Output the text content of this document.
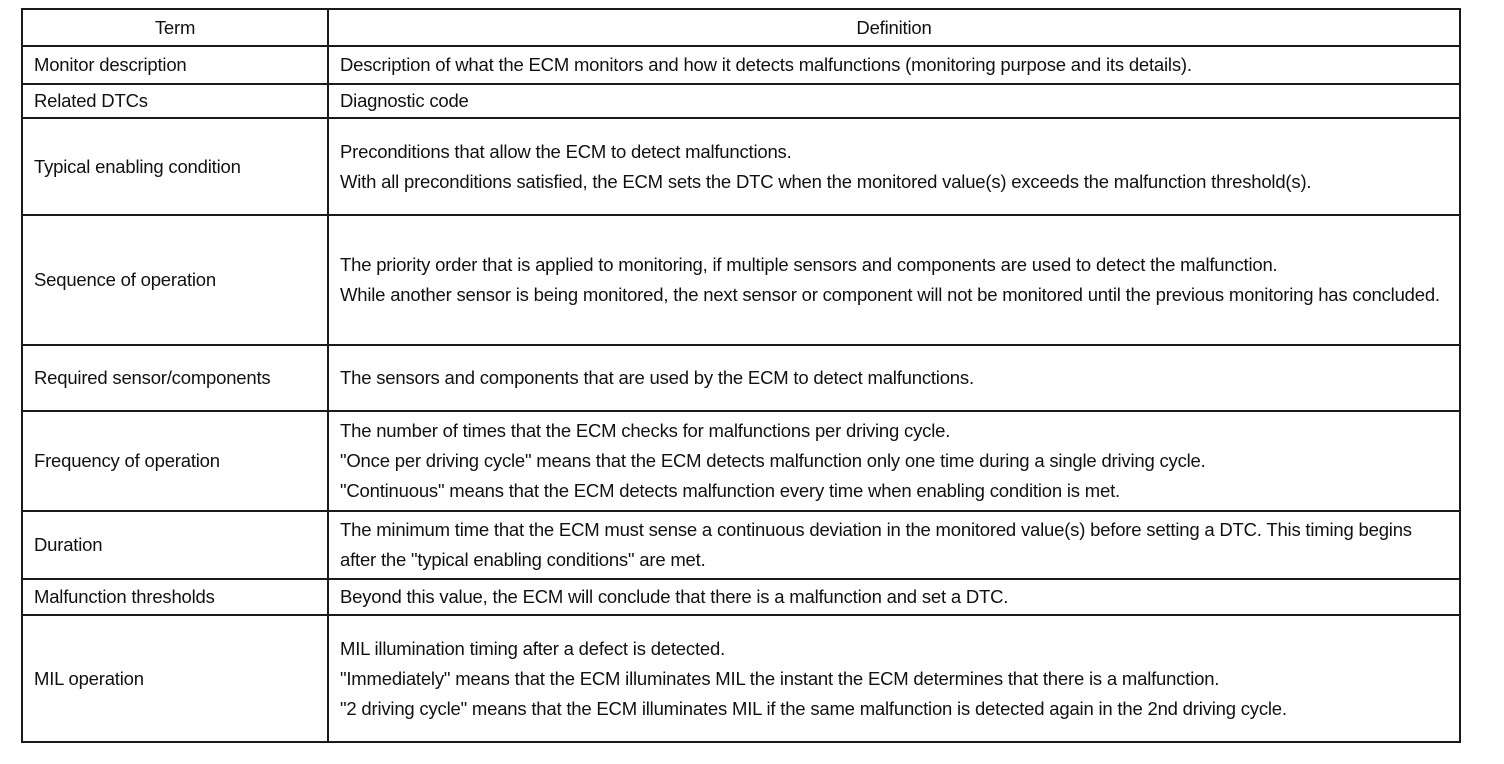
Term	Definition
Monitor description	Description of what the ECM monitors and how it detects malfunctions (monitoring purpose and its details).

Related DTCs	Diagnostic code

Typical enabling condition	Preconditions that allow the ECM to detect malfunctions.
With all preconditions satisfied, the ECM sets the DTC when the monitored value(s) exceeds the malfunction threshold(s).

Sequence of operation	The priority order that is applied to monitoring, if multiple sensors and components are used to detect the malfunction.
While another sensor is being monitored, the next sensor or component will not be monitored until the previous monitoring has concluded.

Required sensor/components	The sensors and components that are used by the ECM to detect malfunctions.

Frequency of operation	The number of times that the ECM checks for malfunctions per driving cycle.
"Once per driving cycle" means that the ECM detects malfunction only one time during a single driving cycle.
"Continuous" means that the ECM detects malfunction every time when enabling condition is met.

Duration	The minimum time that the ECM must sense a continuous deviation in the monitored value(s) before setting a DTC. This timing begins after the "typical enabling conditions" are met.

Malfunction thresholds	Beyond this value, the ECM will conclude that there is a malfunction and set a DTC.

MIL operation	MIL illumination timing after a defect is detected.
"Immediately" means that the ECM illuminates MIL the instant the ECM determines that there is a malfunction.
"2 driving cycle" means that the ECM illuminates MIL if the same malfunction is detected again in the 2nd driving cycle.
